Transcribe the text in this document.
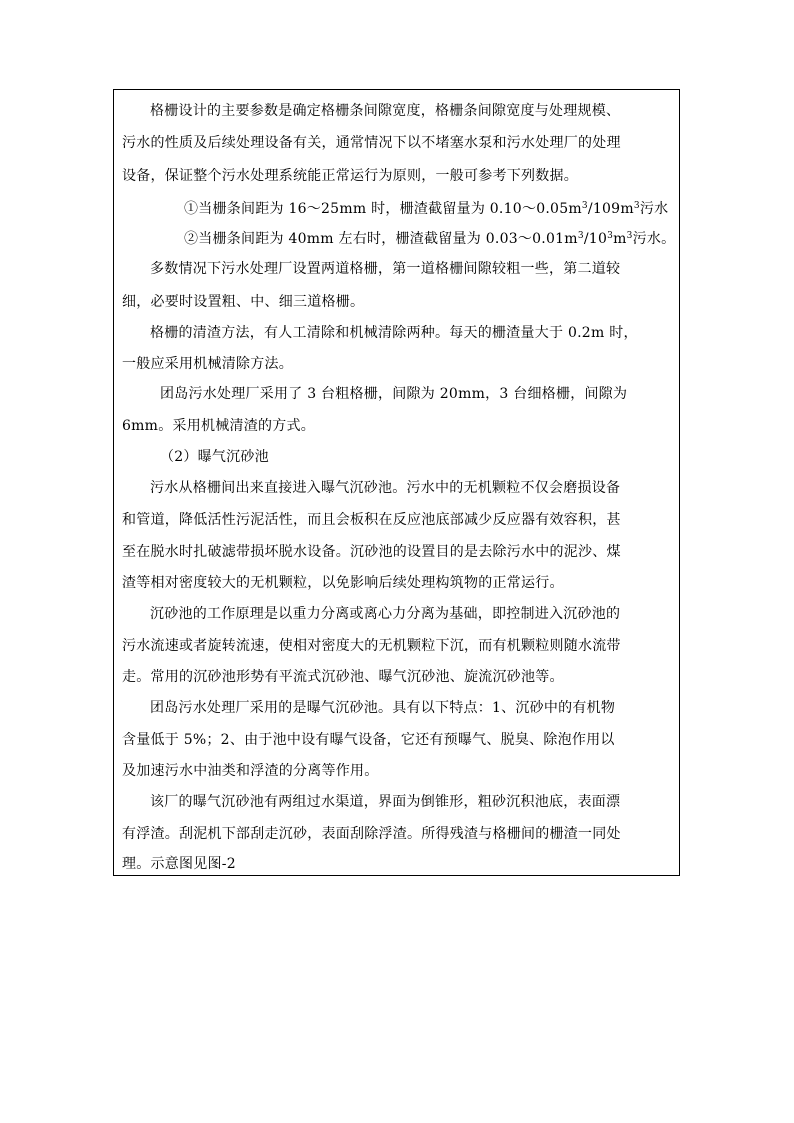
格栅设计的主要参数是确定格栅条间隙宽度，格栅条间隙宽度与处理规模、
污水的性质及后续处理设备有关，通常情况下以不堵塞水泵和污水处理厂的处理
设备，保证整个污水处理系统能正常运行为原则，一般可参考下列数据。
①当栅条间距为 16～25mm 时，栅渣截留量为 $0.10\sim 0.05m^3/109m^3$污水
②当栅条间距为 40mm 左右时，栅渣截留量为 $0.03\sim 0.01m^3/10^3m^3$污水。
多数情况下污水处理厂设置两道格栅，第一道格栅间隙较粗一些，第二道较
细，必要时设置粗、中、细三道格栅。
格栅的清渣方法，有人工清除和机械清除两种。每天的栅渣量大于 0.2m 时，
一般应采用机械清除方法。
团岛污水处理厂采用了 3 台粗格栅，间隙为 20mm，3 台细格栅，间隙为
6mm。采用机械清渣的方式。
（2）曝气沉砂池
污水从格栅间出来直接进入曝气沉砂池。污水中的无机颗粒不仅会磨损设备
和管道，降低活性污泥活性，而且会板积在反应池底部减少反应器有效容积，甚
至在脱水时扎破滤带损坏脱水设备。沉砂池的设置目的是去除污水中的泥沙、煤
渣等相对密度较大的无机颗粒，以免影响后续处理构筑物的正常运行。
沉砂池的工作原理是以重力分离或离心力分离为基础，即控制进入沉砂池的
污水流速或者旋转流速，使相对密度大的无机颗粒下沉，而有机颗粒则随水流带
走。常用的沉砂池形势有平流式沉砂池、曝气沉砂池、旋流沉砂池等。
团岛污水处理厂采用的是曝气沉砂池。具有以下特点：1、沉砂中的有机物
含量低于 5%；2、由于池中设有曝气设备，它还有预曝气、脱臭、除泡作用以
及加速污水中油类和浮渣的分离等作用。
该厂的曝气沉砂池有两组过水渠道，界面为倒锥形，粗砂沉积池底，表面漂
有浮渣。刮泥机下部刮走沉砂，表面刮除浮渣。所得残渣与格栅间的栅渣一同处
理。示意图见图-2
